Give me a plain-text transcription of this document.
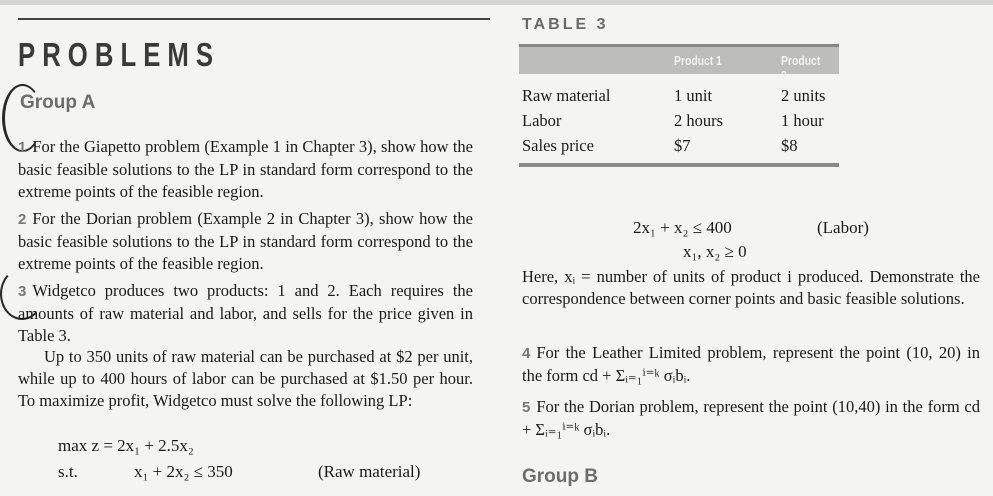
PROBLEMS
Group A

1 For the Giapetto problem (Example 1 in Chapter 3), show how the basic feasible solutions to the LP in standard form correspond to the extreme points of the feasible region.

2 For the Dorian problem (Example 2 in Chapter 3), show how the basic feasible solutions to the LP in standard form correspond to the extreme points of the feasible region.

3 Widgetco produces two products: 1 and 2. Each requires the amounts of raw material and labor, and sells for the price given in Table 3.

Up to 350 units of raw material can be purchased at $2 per unit, while up to 400 hours of labor can be purchased at $1.50 per hour. To maximize profit, Widgetco must solve the following LP:

max z = 2x₁ + 2.5x₂
s.t.	x₁ + 2x₂ ≤ 350	(Raw material)
TABLE 3
Product 1	Product 2
Raw material	1 unit	2 units
Labor	2 hours	1 hour
Sales price	$7	$8
2x₁ + x₂ ≤ 400	(Labor)
x₁, x₂ ≥ 0

Here, xᵢ = number of units of product i produced. Demonstrate the correspondence between corner points and basic feasible solutions.

4 For the Leather Limited problem, represent the point (10, 20) in the form cd + Σᵢ₌₁ⁱ⁼ᵏ σᵢbᵢ.

5 For the Dorian problem, represent the point (10,40) in the form cd + Σᵢ₌₁ⁱ⁼ᵏ σᵢbᵢ.

Group B
